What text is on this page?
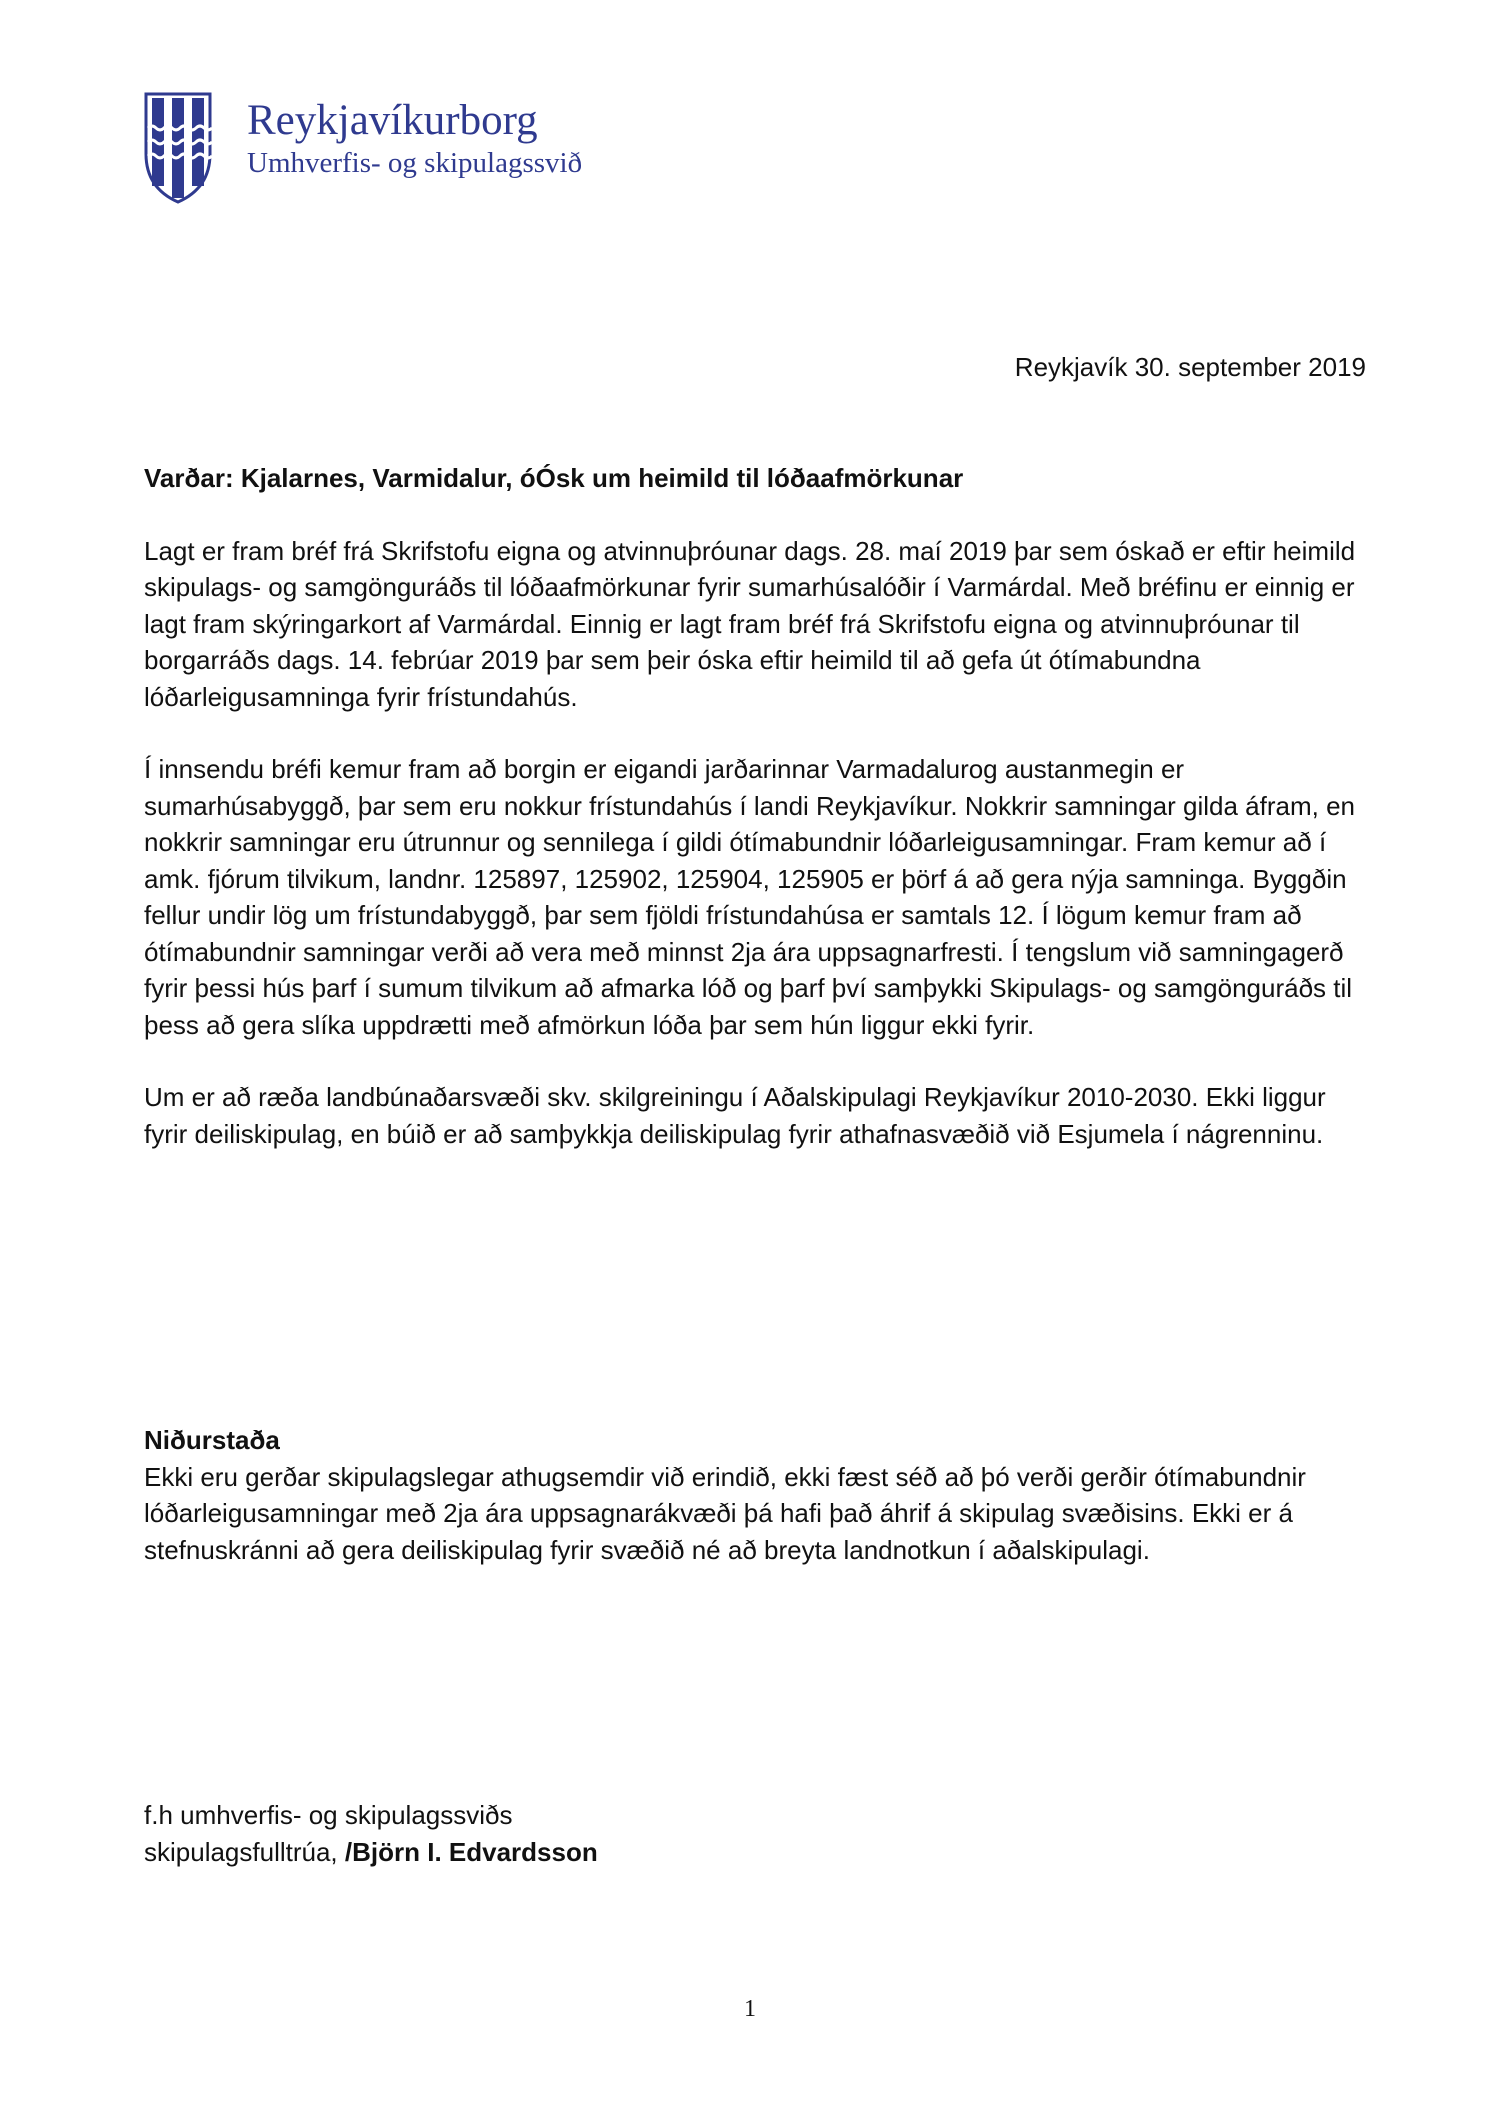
Reykjavíkurborg
Umhverfis- og skipulagssvið
Reykjavík 30. september 2019

Varðar: Kjalarnes, Varmidalur, óÓsk um heimild til lóðaafmörkunar

Lagt er fram bréf frá Skrifstofu eigna og atvinnuþróunar dags. 28. maí 2019 þar sem óskað er eftir heimild skipulags- og samgönguráðs til lóðaafmörkunar fyrir sumarhúsalóðir í Varmárdal. Með bréfinu er einnig er lagt fram skýringarkort af Varmárdal. Einnig er lagt fram bréf frá Skrifstofu eigna og atvinnuþróunar til borgarráðs dags. 14. febrúar 2019 þar sem þeir óska eftir heimild til að gefa út ótímabundna lóðarleigusamninga fyrir frístundahús.

Í innsendu bréfi kemur fram að borgin er eigandi jarðarinnar Varmadalurog austanmegin er sumarhúsabyggð, þar sem eru nokkur frístundahús í landi Reykjavíkur. Nokkrir samningar gilda áfram, en nokkrir samningar eru útrunnur og sennilega í gildi ótímabundnir lóðarleigusamningar. Fram kemur að í amk. fjórum tilvikum, landnr. 125897, 125902, 125904, 125905 er þörf á að gera nýja samninga. Byggðin fellur undir lög um frístundabyggð, þar sem fjöldi frístundahúsa er samtals 12. Í lögum kemur fram að ótímabundnir samningar verði að vera með minnst 2ja ára uppsagnarfresti. Í tengslum við samningagerð fyrir þessi hús þarf í sumum tilvikum að afmarka lóð og þarf því samþykki Skipulags- og samgönguráðs til þess að gera slíka uppdrætti með afmörkun lóða þar sem hún liggur ekki fyrir.

Um er að ræða landbúnaðarsvæði skv. skilgreiningu í Aðalskipulagi Reykjavíkur 2010-2030. Ekki liggur fyrir deiliskipulag, en búið er að samþykkja deiliskipulag fyrir athafnasvæðið við Esjumela í nágrenninu.

Niðurstaða
Ekki eru gerðar skipulagslegar athugsemdir við erindið, ekki fæst séð að þó verði gerðir ótímabundnir lóðarleigusamningar með 2ja ára uppsagnarákvæði þá hafi það áhrif á skipulag svæðisins. Ekki er á stefnuskránni að gera deiliskipulag fyrir svæðið né að breyta landnotkun í aðalskipulagi.
f.h umhverfis- og skipulagssviðs
skipulagsfulltrúa, /Björn I. Edvardsson
1
